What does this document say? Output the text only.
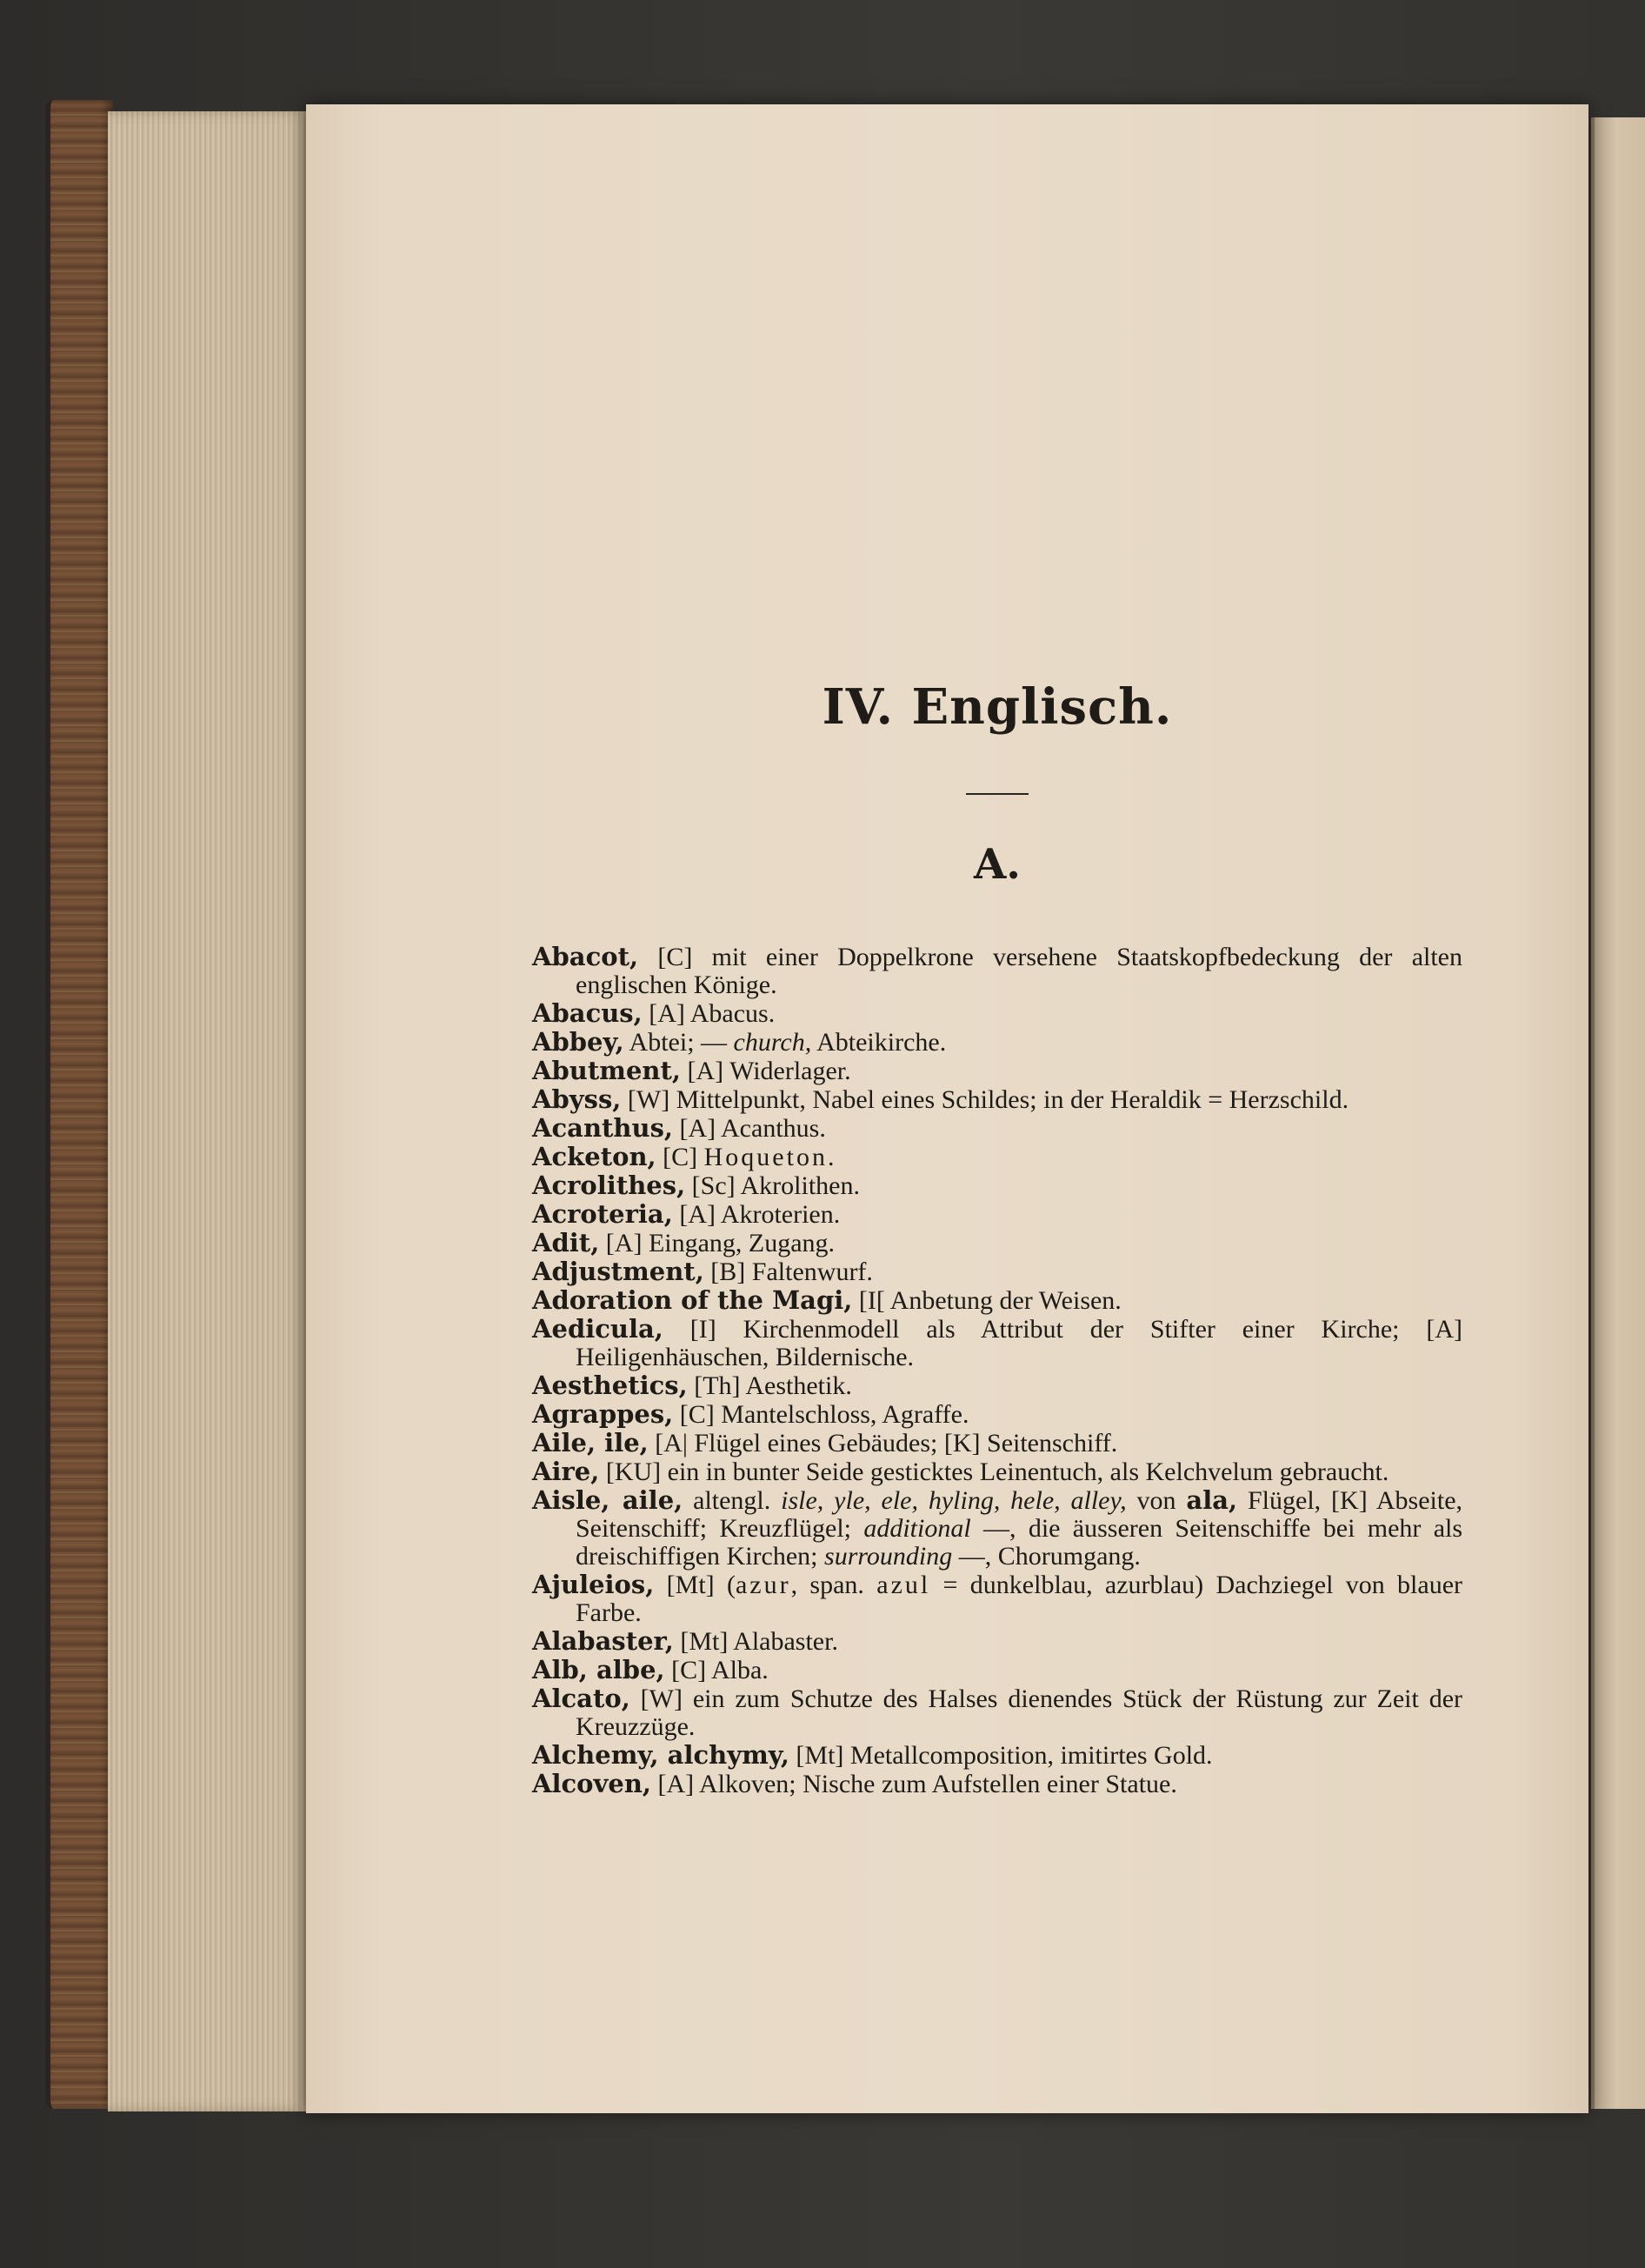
IV. Englisch.
A.
Abacot, [C] mit einer Doppelkrone versehene Staatskopfbedeckung der alten englischen Könige.
Abacus, [A] Abacus.
Abbey, Abtei; — church, Abteikirche.
Abutment, [A] Widerlager.
Abyss, [W] Mittelpunkt, Nabel eines Schildes; in der Heraldik = Herzschild.
Acanthus, [A] Acanthus.
Acketon, [C] Hoqueton.
Acrolithes, [Sc] Akrolithen.
Acroteria, [A] Akroterien.
Adit, [A] Eingang, Zugang.
Adjustment, [B] Faltenwurf.
Adoration of the Magi, [I[ Anbetung der Weisen.
Aedicula, [I] Kirchenmodell als Attribut der Stifter einer Kirche; [A] Heiligenhäuschen, Bildernische.
Aesthetics, [Th] Aesthetik.
Agrappes, [C] Mantelschloss, Agraffe.
Aile, ile, [A| Flügel eines Gebäudes; [K] Seitenschiff.
Aire, [KU] ein in bunter Seide gesticktes Leinentuch, als Kelchvelum gebraucht.
Aisle, aile, altengl. isle, yle, ele, hyling, hele, alley, von ala, Flügel, [K] Abseite, Seitenschiff; Kreuzflügel; additional —, die äusseren Seitenschiffe bei mehr als dreischiffigen Kirchen; surrounding —, Chorumgang.
Ajuleios, [Mt] (azur, span. azul = dunkelblau, azurblau) Dachziegel von blauer Farbe.
Alabaster, [Mt] Alabaster.
Alb, albe, [C] Alba.
Alcato, [W] ein zum Schutze des Halses dienendes Stück der Rüstung zur Zeit der Kreuzzüge.
Alchemy, alchymy, [Mt] Metallcomposition, imitirtes Gold.
Alcoven, [A] Alkoven; Nische zum Aufstellen einer Statue.
